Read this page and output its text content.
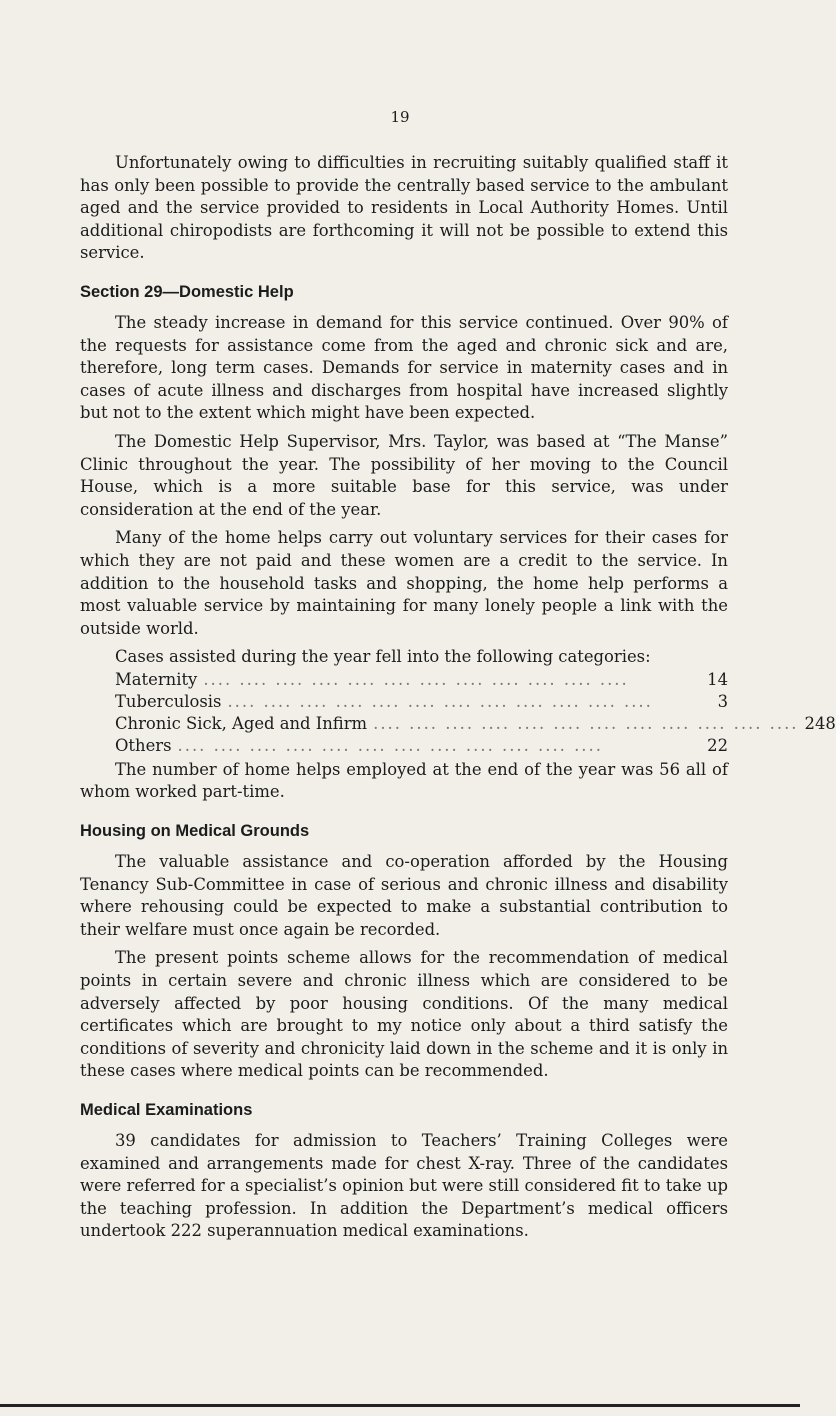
19

Unfortunately owing to difficulties in recruiting suitably qualified staff it has only been possible to provide the centrally based service to the ambulant aged and the service provided to residents in Local Authority Homes. Until additional chiropodists are forthcoming it will not be possible to extend this service.

Section 29—Domestic Help

The steady increase in demand for this service continued. Over 90% of the requests for assistance come from the aged and chronic sick and are, therefore, long term cases. Demands for service in maternity cases and in cases of acute illness and discharges from hospital have increased slightly but not to the extent which might have been expected.

The Domestic Help Supervisor, Mrs. Taylor, was based at “The Manse” Clinic throughout the year. The possibility of her moving to the Council House, which is a more suitable base for this service, was under consideration at the end of the year.

Many of the home helps carry out voluntary services for their cases for which they are not paid and these women are a credit to the service. In addition to the household tasks and shopping, the home help performs a most valuable service by maintaining for many lonely people a link with the outside world.

Cases assisted during the year fell into the following categories:

Maternity .... .... .... .... .... .... .... .... .... .... .... ....	14
Tuberculosis .... .... .... .... .... .... .... .... .... .... .... ....	3
Chronic Sick, Aged and Infirm .... .... .... .... .... .... .... .... .... .... .... .... 248
Others .... .... .... .... .... .... .... .... .... .... .... ....	22

The number of home helps employed at the end of the year was 56 all of whom worked part-time.

Housing on Medical Grounds

The valuable assistance and co-operation afforded by the Housing Tenancy Sub-Committee in case of serious and chronic illness and disability where rehousing could be expected to make a substantial contribution to their welfare must once again be recorded.

The present points scheme allows for the recommendation of medical points in certain severe and chronic illness which are considered to be adversely affected by poor housing conditions. Of the many medical certificates which are brought to my notice only about a third satisfy the conditions of severity and chronicity laid down in the scheme and it is only in these cases where medical points can be recommended.

Medical Examinations

39 candidates for admission to Teachers’ Training Colleges were examined and arrangements made for chest X-ray. Three of the candidates were referred for a specialist’s opinion but were still considered fit to take up the teaching profession. In addition the Department’s medical officers undertook 222 superannuation medical examinations.
